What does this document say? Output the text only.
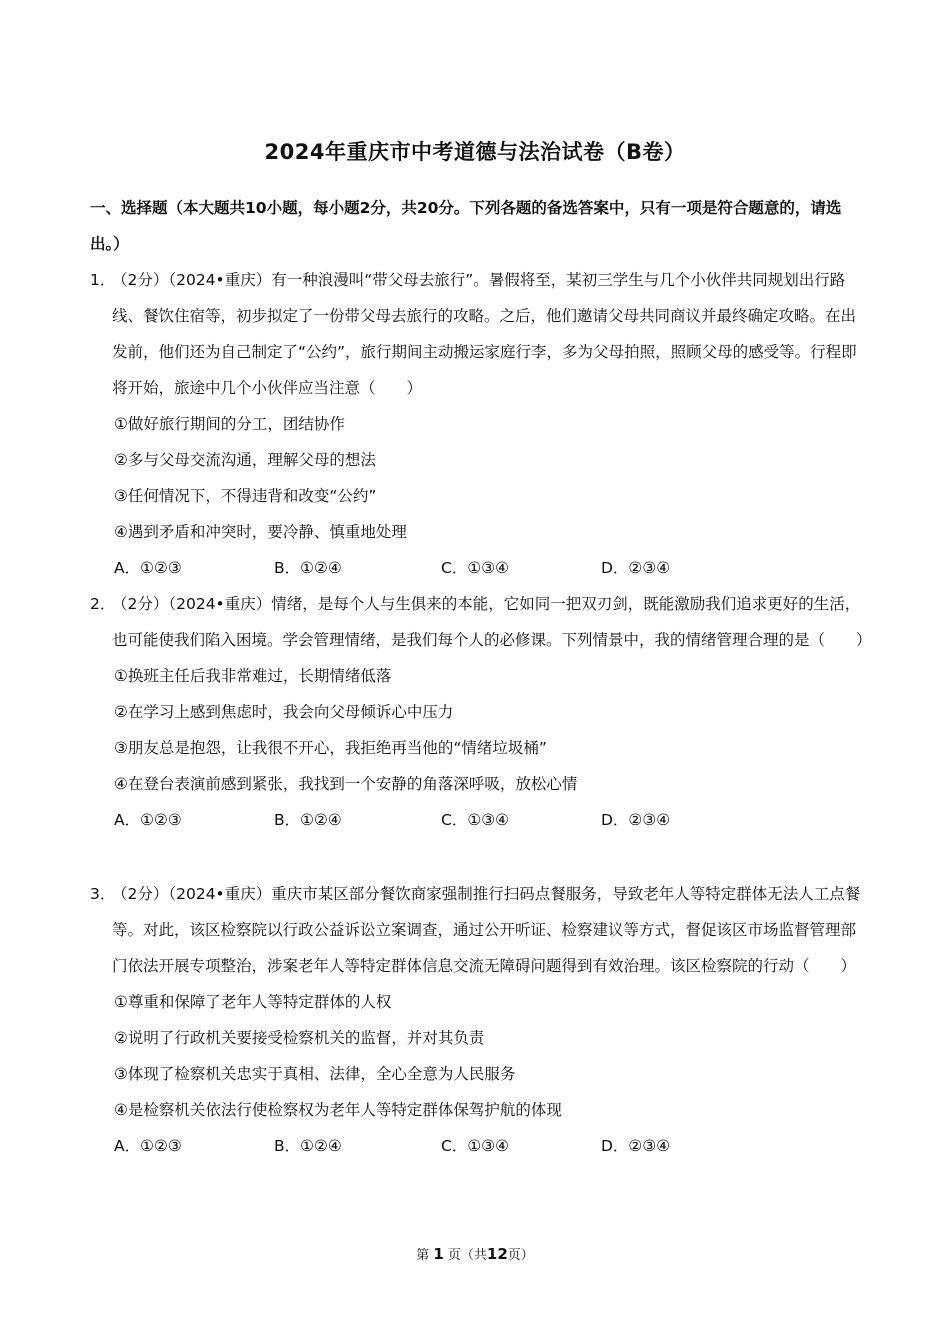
2024年重庆市中考道德与法治试卷（B卷）
一、选择题（本大题共10小题，每小题2分，共20分。下列各题的备选答案中，只有一项是符合题意的，请选出。）
1．（2分）（2024•重庆）有一种浪漫叫“带父母去旅行”。暑假将至，某初三学生与几个小伙伴共同规划出行路线、餐饮住宿等，初步拟定了一份带父母去旅行的攻略。之后，他们邀请父母共同商议并最终确定攻略。在出发前，他们还为自己制定了“公约”，旅行期间主动搬运家庭行李，多为父母拍照，照顾父母的感受等。行程即将开始，旅途中几个小伙伴应当注意（　　）
①做好旅行期间的分工，团结协作
②多与父母交流沟通，理解父母的想法
③任何情况下，不得违背和改变“公约”
④遇到矛盾和冲突时，要冷静、慎重地处理
A．①②③	B．①②④	C．①③④	D．②③④
2．（2分）（2024•重庆）情绪，是每个人与生俱来的本能，它如同一把双刃剑，既能激励我们追求更好的生活，也可能使我们陷入困境。学会管理情绪，是我们每个人的必修课。下列情景中，我的情绪管理合理的是（　　）
①换班主任后我非常难过，长期情绪低落
②在学习上感到焦虑时，我会向父母倾诉心中压力
③朋友总是抱怨，让我很不开心，我拒绝再当他的“情绪垃圾桶”
④在登台表演前感到紧张，我找到一个安静的角落深呼吸，放松心情
A．①②③	B．①②④	C．①③④	D．②③④
3．（2分）（2024•重庆）重庆市某区部分餐饮商家强制推行扫码点餐服务，导致老年人等特定群体无法人工点餐等。对此，该区检察院以行政公益诉讼立案调查，通过公开听证、检察建议等方式，督促该区市场监督管理部门依法开展专项整治，涉案老年人等特定群体信息交流无障碍问题得到有效治理。该区检察院的行动（　　）
①尊重和保障了老年人等特定群体的人权
②说明了行政机关要接受检察机关的监督，并对其负责
③体现了检察机关忠实于真相、法律，全心全意为人民服务
④是检察机关依法行使检察权为老年人等特定群体保驾护航的体现
A．①②③	B．①②④	C．①③④	D．②③④
第 1 页（共12页）
